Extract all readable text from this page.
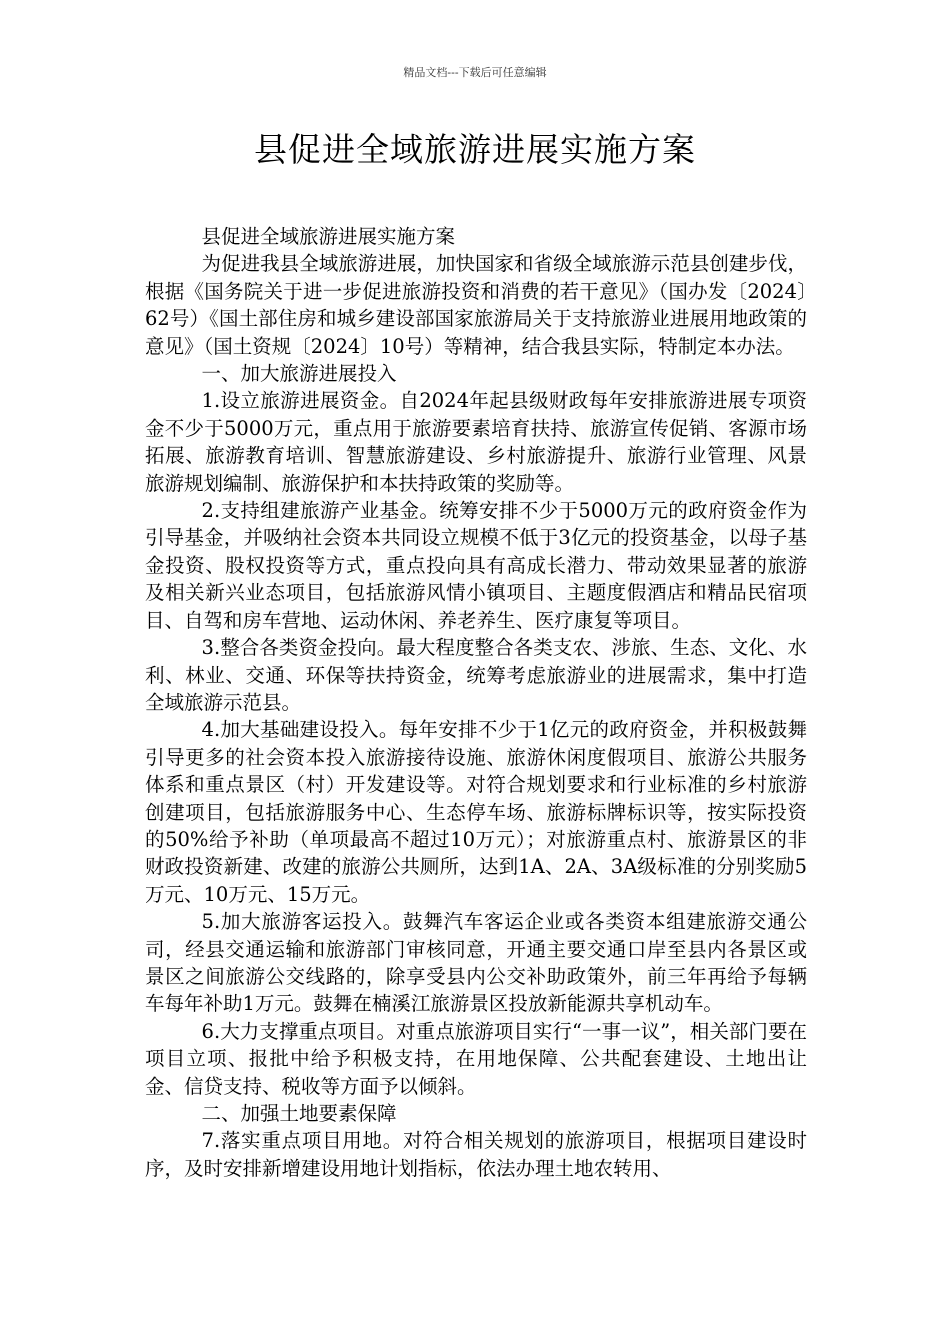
精品文档---下载后可任意编辑
县促进全域旅游进展实施方案

县促进全域旅游进展实施方案

为促进我县全域旅游进展，加快国家和省级全域旅游示范县创建步伐，根据《国务院关于进一步促进旅游投资和消费的若干意见》（国办发〔2024〕62号）《国土部住房和城乡建设部国家旅游局关于支持旅游业进展用地政策的意见》（国土资规〔2024〕10号）等精神，结合我县实际，特制定本办法。

一、加大旅游进展投入

1.设立旅游进展资金。自2024年起县级财政每年安排旅游进展专项资金不少于5000万元，重点用于旅游要素培育扶持、旅游宣传促销、客源市场拓展、旅游教育培训、智慧旅游建设、乡村旅游提升、旅游行业管理、风景旅游规划编制、旅游保护和本扶持政策的奖励等。

2.支持组建旅游产业基金。统筹安排不少于5000万元的政府资金作为引导基金，并吸纳社会资本共同设立规模不低于3亿元的投资基金，以母子基金投资、股权投资等方式，重点投向具有高成长潜力、带动效果显著的旅游及相关新兴业态项目，包括旅游风情小镇项目、主题度假酒店和精品民宿项目、自驾和房车营地、运动休闲、养老养生、医疗康复等项目。

3.整合各类资金投向。最大程度整合各类支农、涉旅、生态、文化、水利、林业、交通、环保等扶持资金，统筹考虑旅游业的进展需求，集中打造全域旅游示范县。

4.加大基础建设投入。每年安排不少于1亿元的政府资金，并积极鼓舞引导更多的社会资本投入旅游接待设施、旅游休闲度假项目、旅游公共服务体系和重点景区（村）开发建设等。对符合规划要求和行业标准的乡村旅游创建项目，包括旅游服务中心、生态停车场、旅游标牌标识等，按实际投资的50%给予补助（单项最高不超过10万元）；对旅游重点村、旅游景区的非财政投资新建、改建的旅游公共厕所，达到1A、2A、3A级标准的分别奖励5万元、10万元、15万元。

5.加大旅游客运投入。鼓舞汽车客运企业或各类资本组建旅游交通公司，经县交通运输和旅游部门审核同意，开通主要交通口岸至县内各景区或景区之间旅游公交线路的，除享受县内公交补助政策外，前三年再给予每辆车每年补助1万元。鼓舞在楠溪江旅游景区投放新能源共享机动车。

6.大力支撑重点项目。对重点旅游项目实行“一事一议”，相关部门要在项目立项、报批中给予积极支持，在用地保障、公共配套建设、土地出让金、信贷支持、税收等方面予以倾斜。

二、加强土地要素保障

7.落实重点项目用地。对符合相关规划的旅游项目，根据项目建设时序，及时安排新增建设用地计划指标，依法办理土地农转用、
